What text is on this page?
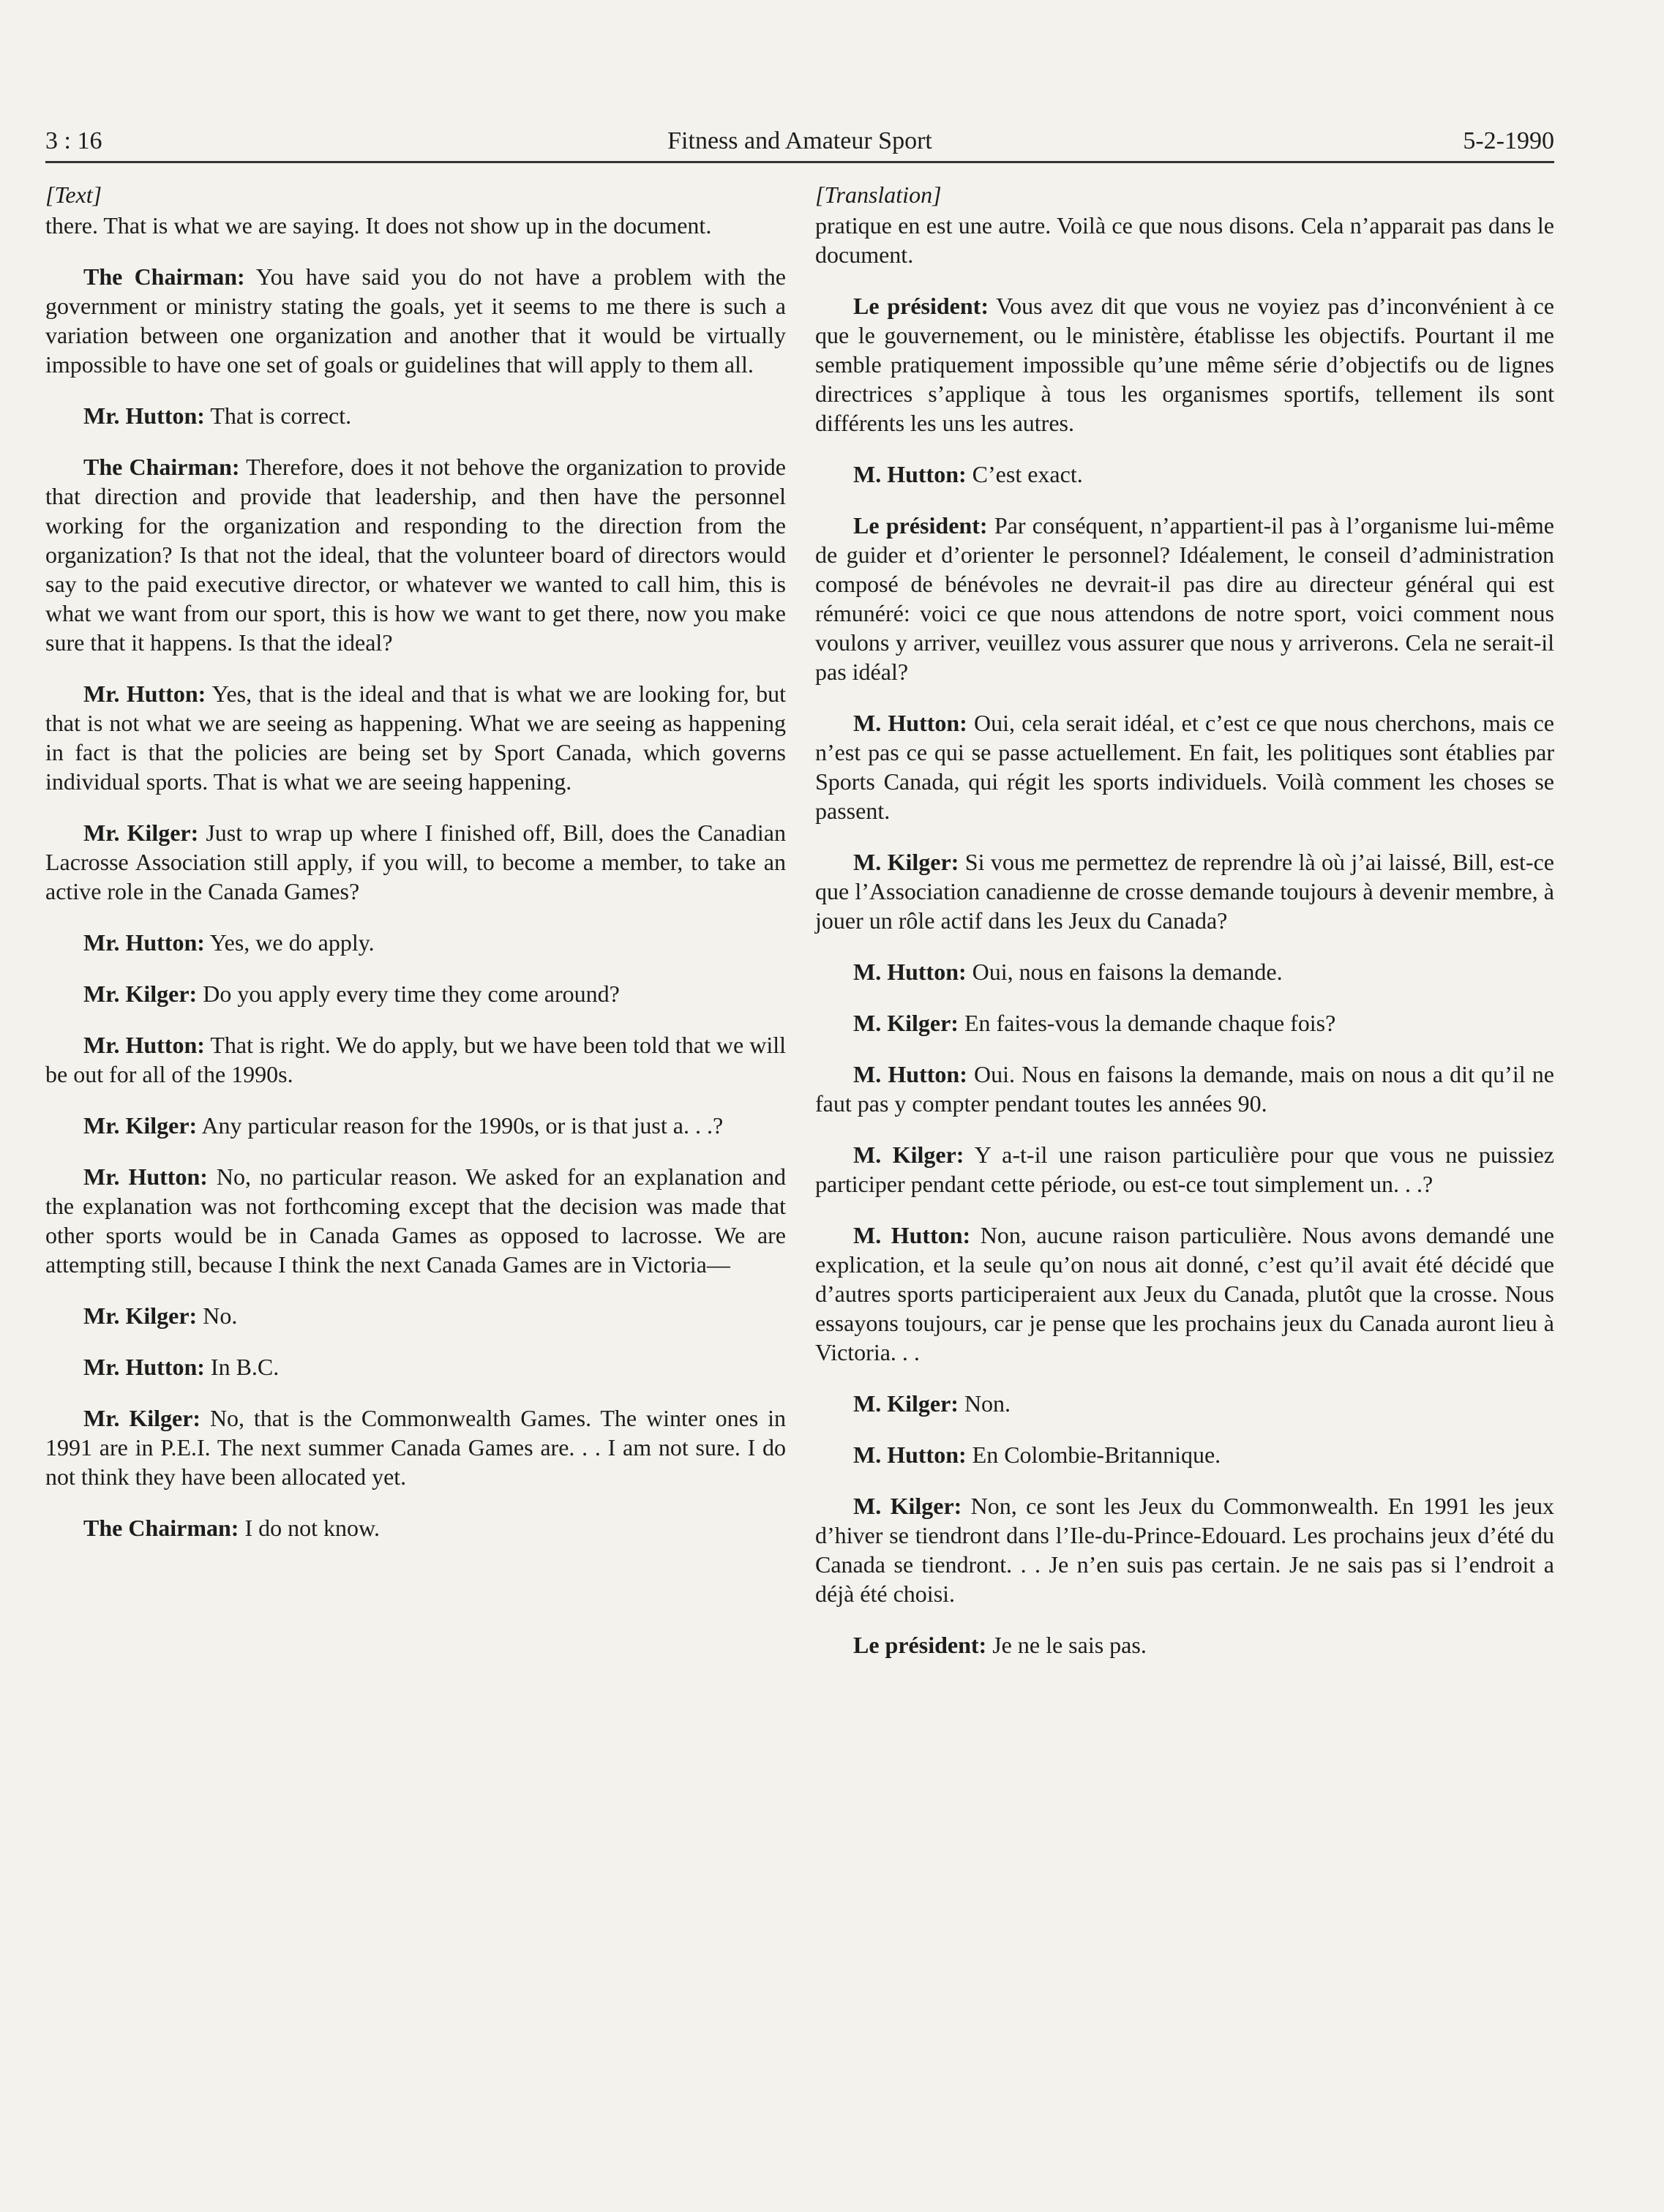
3 : 16	Fitness and Amateur Sport	5-2-1990
[Text]

there. That is what we are saying. It does not show up in the document.

The Chairman: You have said you do not have a problem with the government or ministry stating the goals, yet it seems to me there is such a variation between one organization and another that it would be virtually impossible to have one set of goals or guidelines that will apply to them all.

Mr. Hutton: That is correct.

The Chairman: Therefore, does it not behove the organization to provide that direction and provide that leadership, and then have the personnel working for the organization and responding to the direction from the organization? Is that not the ideal, that the volunteer board of directors would say to the paid executive director, or whatever we wanted to call him, this is what we want from our sport, this is how we want to get there, now you make sure that it happens. Is that the ideal?

Mr. Hutton: Yes, that is the ideal and that is what we are looking for, but that is not what we are seeing as happening. What we are seeing as happening in fact is that the policies are being set by Sport Canada, which governs individual sports. That is what we are seeing happening.

Mr. Kilger: Just to wrap up where I finished off, Bill, does the Canadian Lacrosse Association still apply, if you will, to become a member, to take an active role in the Canada Games?

Mr. Hutton: Yes, we do apply.

Mr. Kilger: Do you apply every time they come around?

Mr. Hutton: That is right. We do apply, but we have been told that we will be out for all of the 1990s.

Mr. Kilger: Any particular reason for the 1990s, or is that just a. . .?

Mr. Hutton: No, no particular reason. We asked for an explanation and the explanation was not forthcoming except that the decision was made that other sports would be in Canada Games as opposed to lacrosse. We are attempting still, because I think the next Canada Games are in Victoria—

Mr. Kilger: No.

Mr. Hutton: In B.C.

Mr. Kilger: No, that is the Commonwealth Games. The winter ones in 1991 are in P.E.I. The next summer Canada Games are. . . I am not sure. I do not think they have been allocated yet.

The Chairman: I do not know.

[Translation]

pratique en est une autre. Voilà ce que nous disons. Cela n’apparait pas dans le document.

Le président: Vous avez dit que vous ne voyiez pas d’inconvénient à ce que le gouvernement, ou le ministère, établisse les objectifs. Pourtant il me semble pratiquement impossible qu’une même série d’objectifs ou de lignes directrices s’applique à tous les organismes sportifs, tellement ils sont différents les uns les autres.

M. Hutton: C’est exact.

Le président: Par conséquent, n’appartient-il pas à l’organisme lui-même de guider et d’orienter le personnel? Idéalement, le conseil d’administration composé de bénévoles ne devrait-il pas dire au directeur général qui est rémunéré: voici ce que nous attendons de notre sport, voici comment nous voulons y arriver, veuillez vous assurer que nous y arriverons. Cela ne serait-il pas idéal?

M. Hutton: Oui, cela serait idéal, et c’est ce que nous cherchons, mais ce n’est pas ce qui se passe actuellement. En fait, les politiques sont établies par Sports Canada, qui régit les sports individuels. Voilà comment les choses se passent.

M. Kilger: Si vous me permettez de reprendre là où j’ai laissé, Bill, est-ce que l’Association canadienne de crosse demande toujours à devenir membre, à jouer un rôle actif dans les Jeux du Canada?

M. Hutton: Oui, nous en faisons la demande.

M. Kilger: En faites-vous la demande chaque fois?

M. Hutton: Oui. Nous en faisons la demande, mais on nous a dit qu’il ne faut pas y compter pendant toutes les années 90.

M. Kilger: Y a-t-il une raison particulière pour que vous ne puissiez participer pendant cette période, ou est-ce tout simplement un. . .?

M. Hutton: Non, aucune raison particulière. Nous avons demandé une explication, et la seule qu’on nous ait donné, c’est qu’il avait été décidé que d’autres sports participeraient aux Jeux du Canada, plutôt que la crosse. Nous essayons toujours, car je pense que les prochains jeux du Canada auront lieu à Victoria. . .

M. Kilger: Non.

M. Hutton: En Colombie-Britannique.

M. Kilger: Non, ce sont les Jeux du Commonwealth. En 1991 les jeux d’hiver se tiendront dans l’Ile-du-Prince-Edouard. Les prochains jeux d’été du Canada se tiendront. . . Je n’en suis pas certain. Je ne sais pas si l’endroit a déjà été choisi.

Le président: Je ne le sais pas.
